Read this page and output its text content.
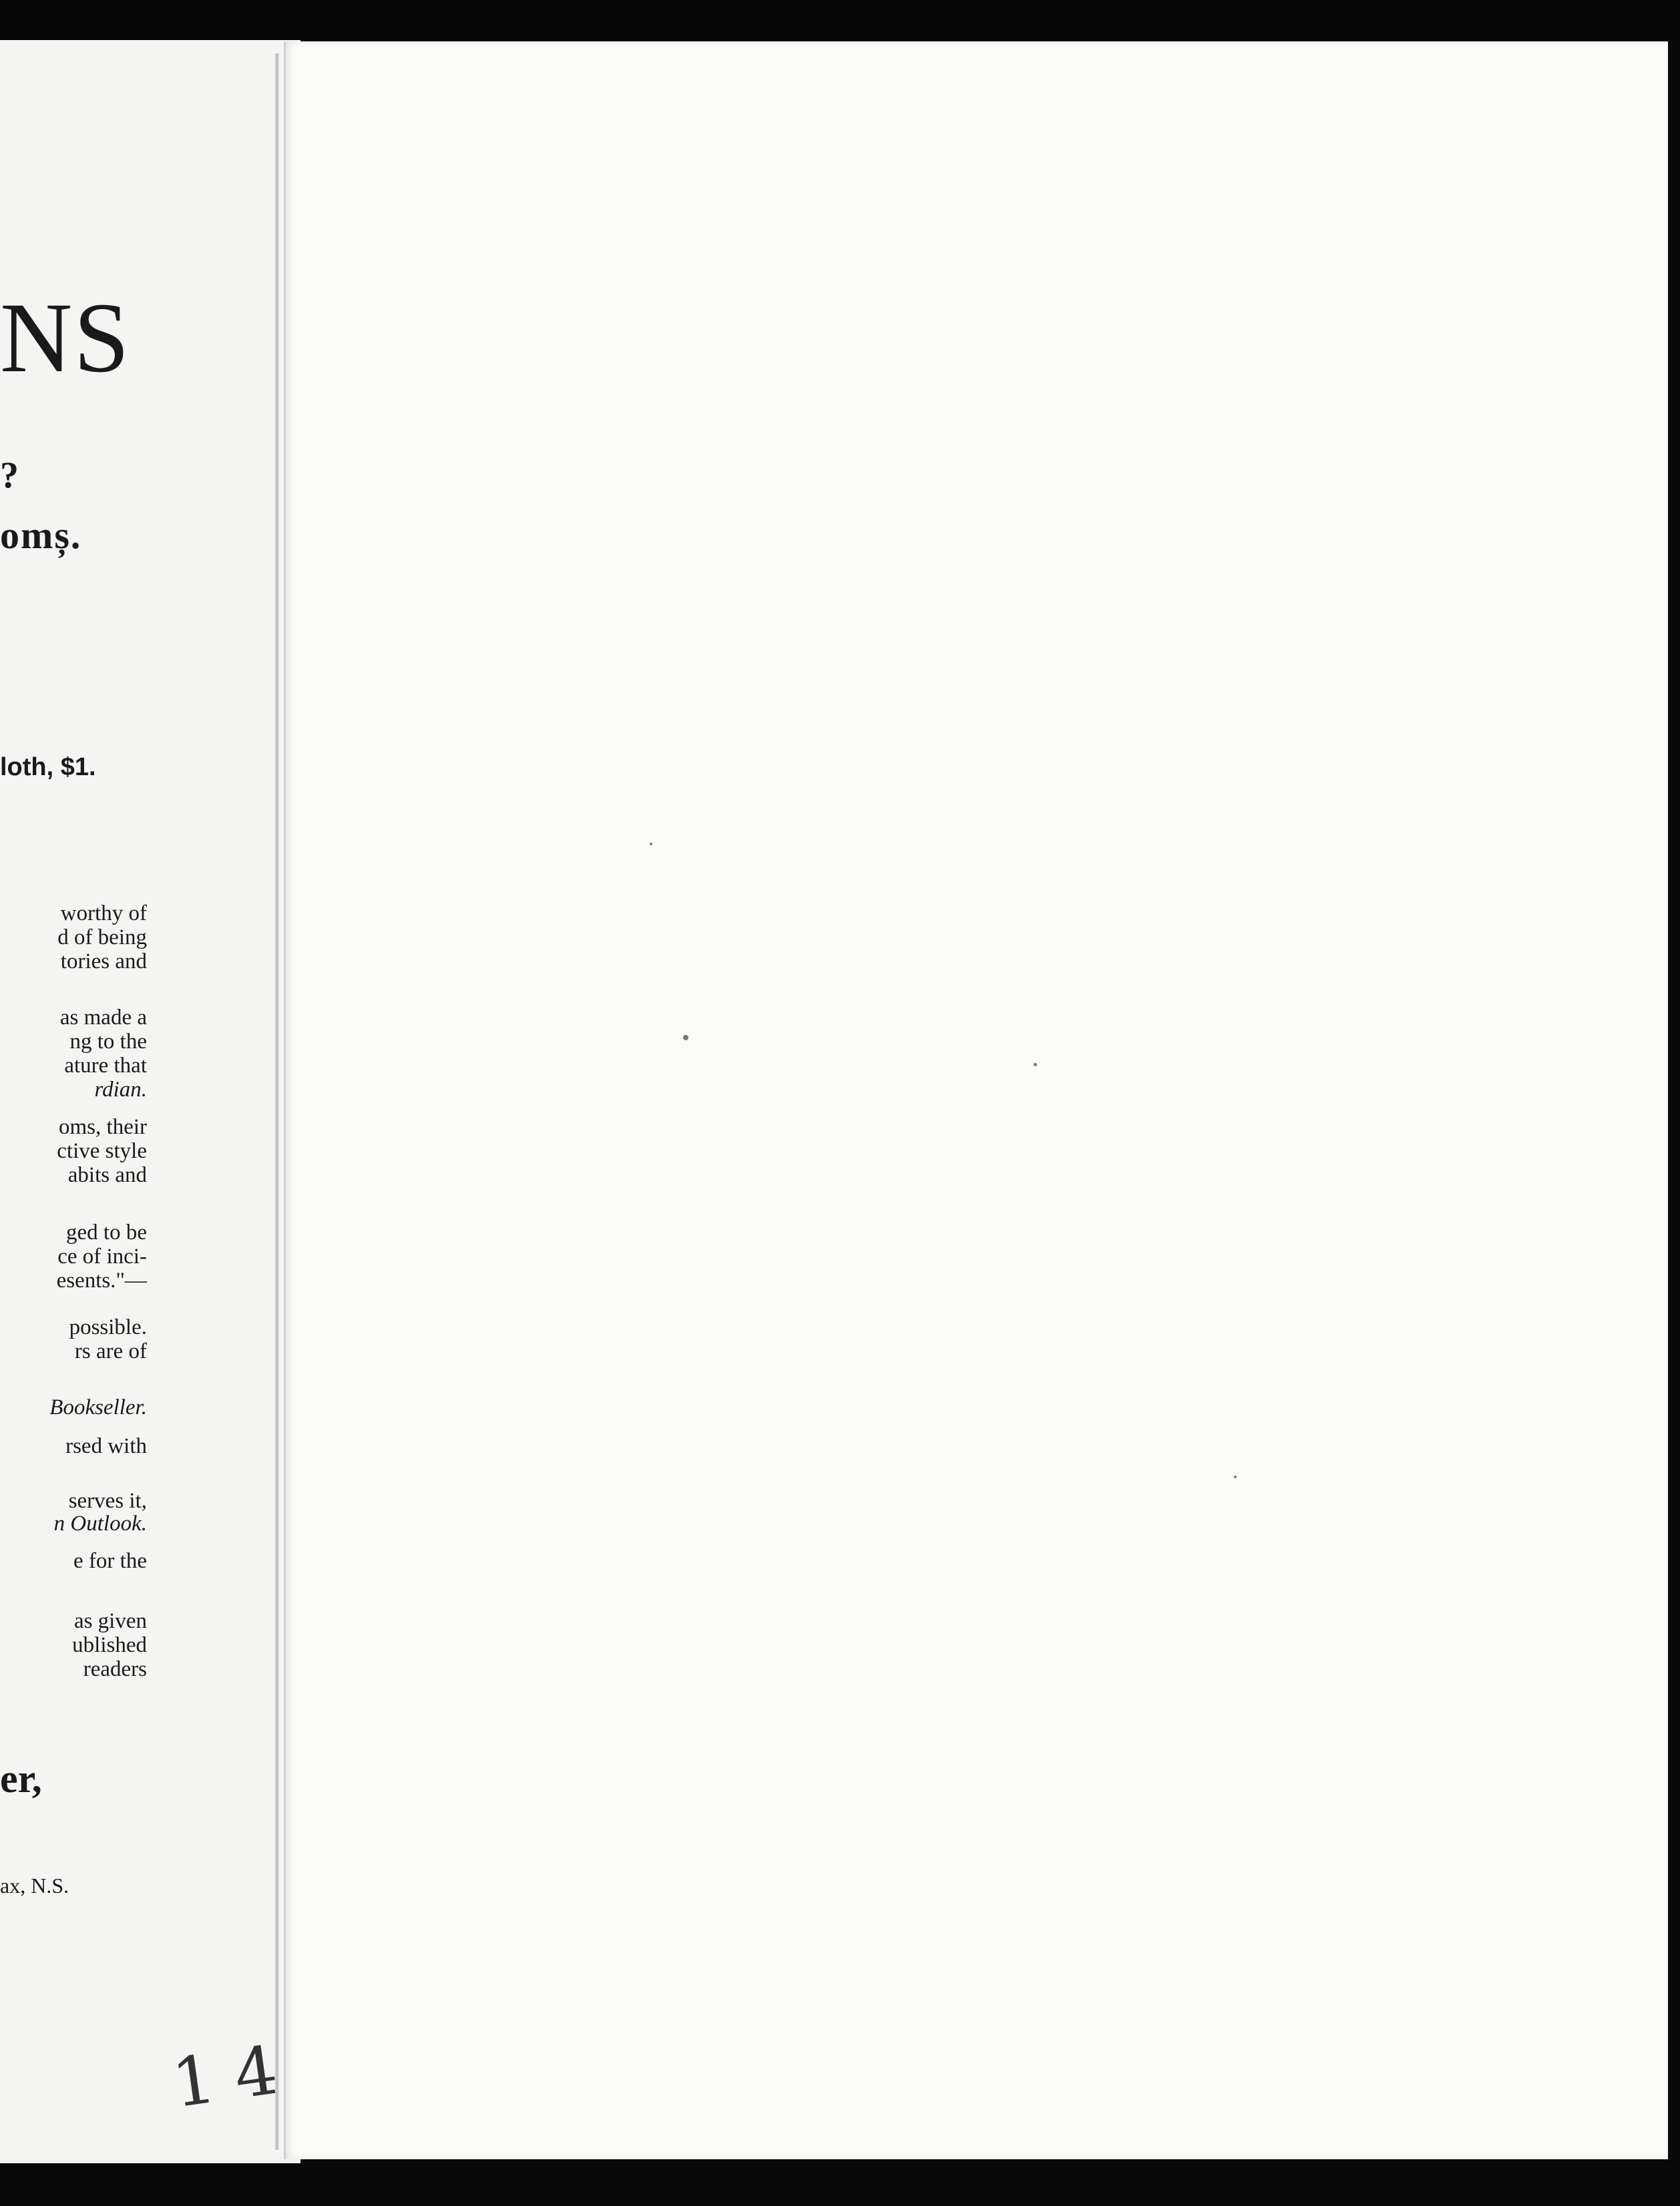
NS
?
omș.
loth, $1.
worthy of
d of being
tories and
as made a
ng to the
ature that
rdian.
oms, their
ctive style
abits and
ged to be
ce of inci-
esents."—
possible.
rs are of
Bookseller.
rsed with
serves it,
n Outlook.
e for the
as given
ublished
readers
er,
ax, N.S.
14
